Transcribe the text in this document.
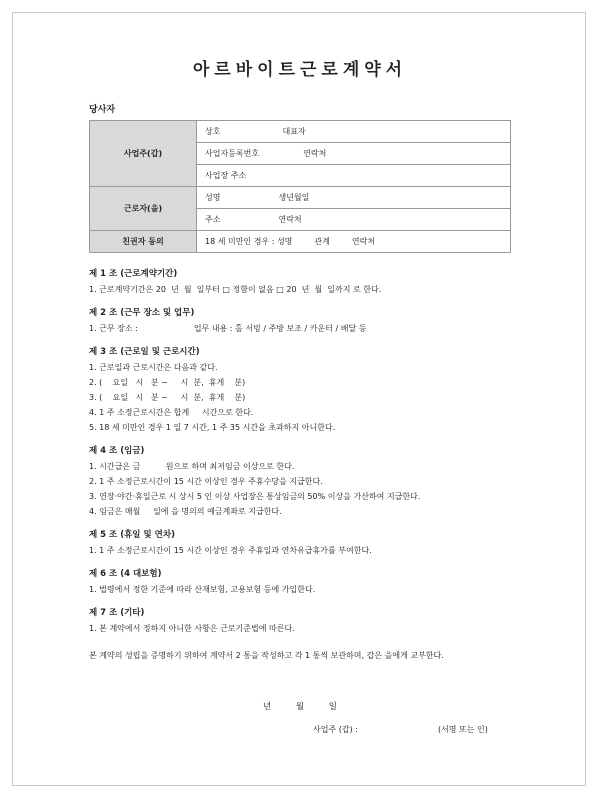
아르바이트근로계약서
당사자
사업주(갑)	상호 대표자
	사업자등록번호 연락처
	사업장 주소
근로자(을)	성명 생년월일
	주소 연락처
친권자 동의	18 세 미만인 경우 : 성명 관계 연락처
제 1 조 (근로계약기간)
1. 근로계약기간은 20  년  월  일부터 □ 정함이 없음 □ 20  년  월  일까지 로 한다.
제 2 조 (근무 장소 및 업무)
1. 근무 장소 :                      업무 내용 : 홀 서빙 / 주방 보조 / 카운터 / 배달 등
제 3 조 (근로일 및 근로시간)
1. 근로일과 근로시간은 다음과 같다.
2. (    요일   시   분 ~     시  분,  휴게    분)
3. (    요일   시   분 ~     시  분,  휴게    분)
4. 1 주 소정근로시간은 합계     시간으로 한다.
5. 18 세 미만인 경우 1 일 7 시간, 1 주 35 시간을 초과하지 아니한다.
제 4 조 (임금)
1. 시간급은 금          원으로 하며 최저임금 이상으로 한다.
2. 1 주 소정근로시간이 15 시간 이상인 경우 주휴수당을 지급한다.
3. 연장·야간·휴일근로 시 상시 5 인 이상 사업장은 통상임금의 50% 이상을 가산하여 지급한다.
4. 임금은 매월     일에 을 명의의 예금계좌로 지급한다.
제 5 조 (휴일 및 연차)
1. 1 주 소정근로시간이 15 시간 이상인 경우 주휴일과 연차유급휴가를 부여한다.
제 6 조 (4 대보험)
1. 법령에서 정한 기준에 따라 산재보험, 고용보험 등에 가입한다.
제 7 조 (기타)
1. 본 계약에서 정하지 아니한 사항은 근로기준법에 따른다.
본 계약의 성립을 증명하기 위하여 계약서 2 통을 작성하고 각 1 통씩 보관하며, 갑은 을에게 교부한다.
년 월 일
사업주 (갑) :	(서명 또는 인)
